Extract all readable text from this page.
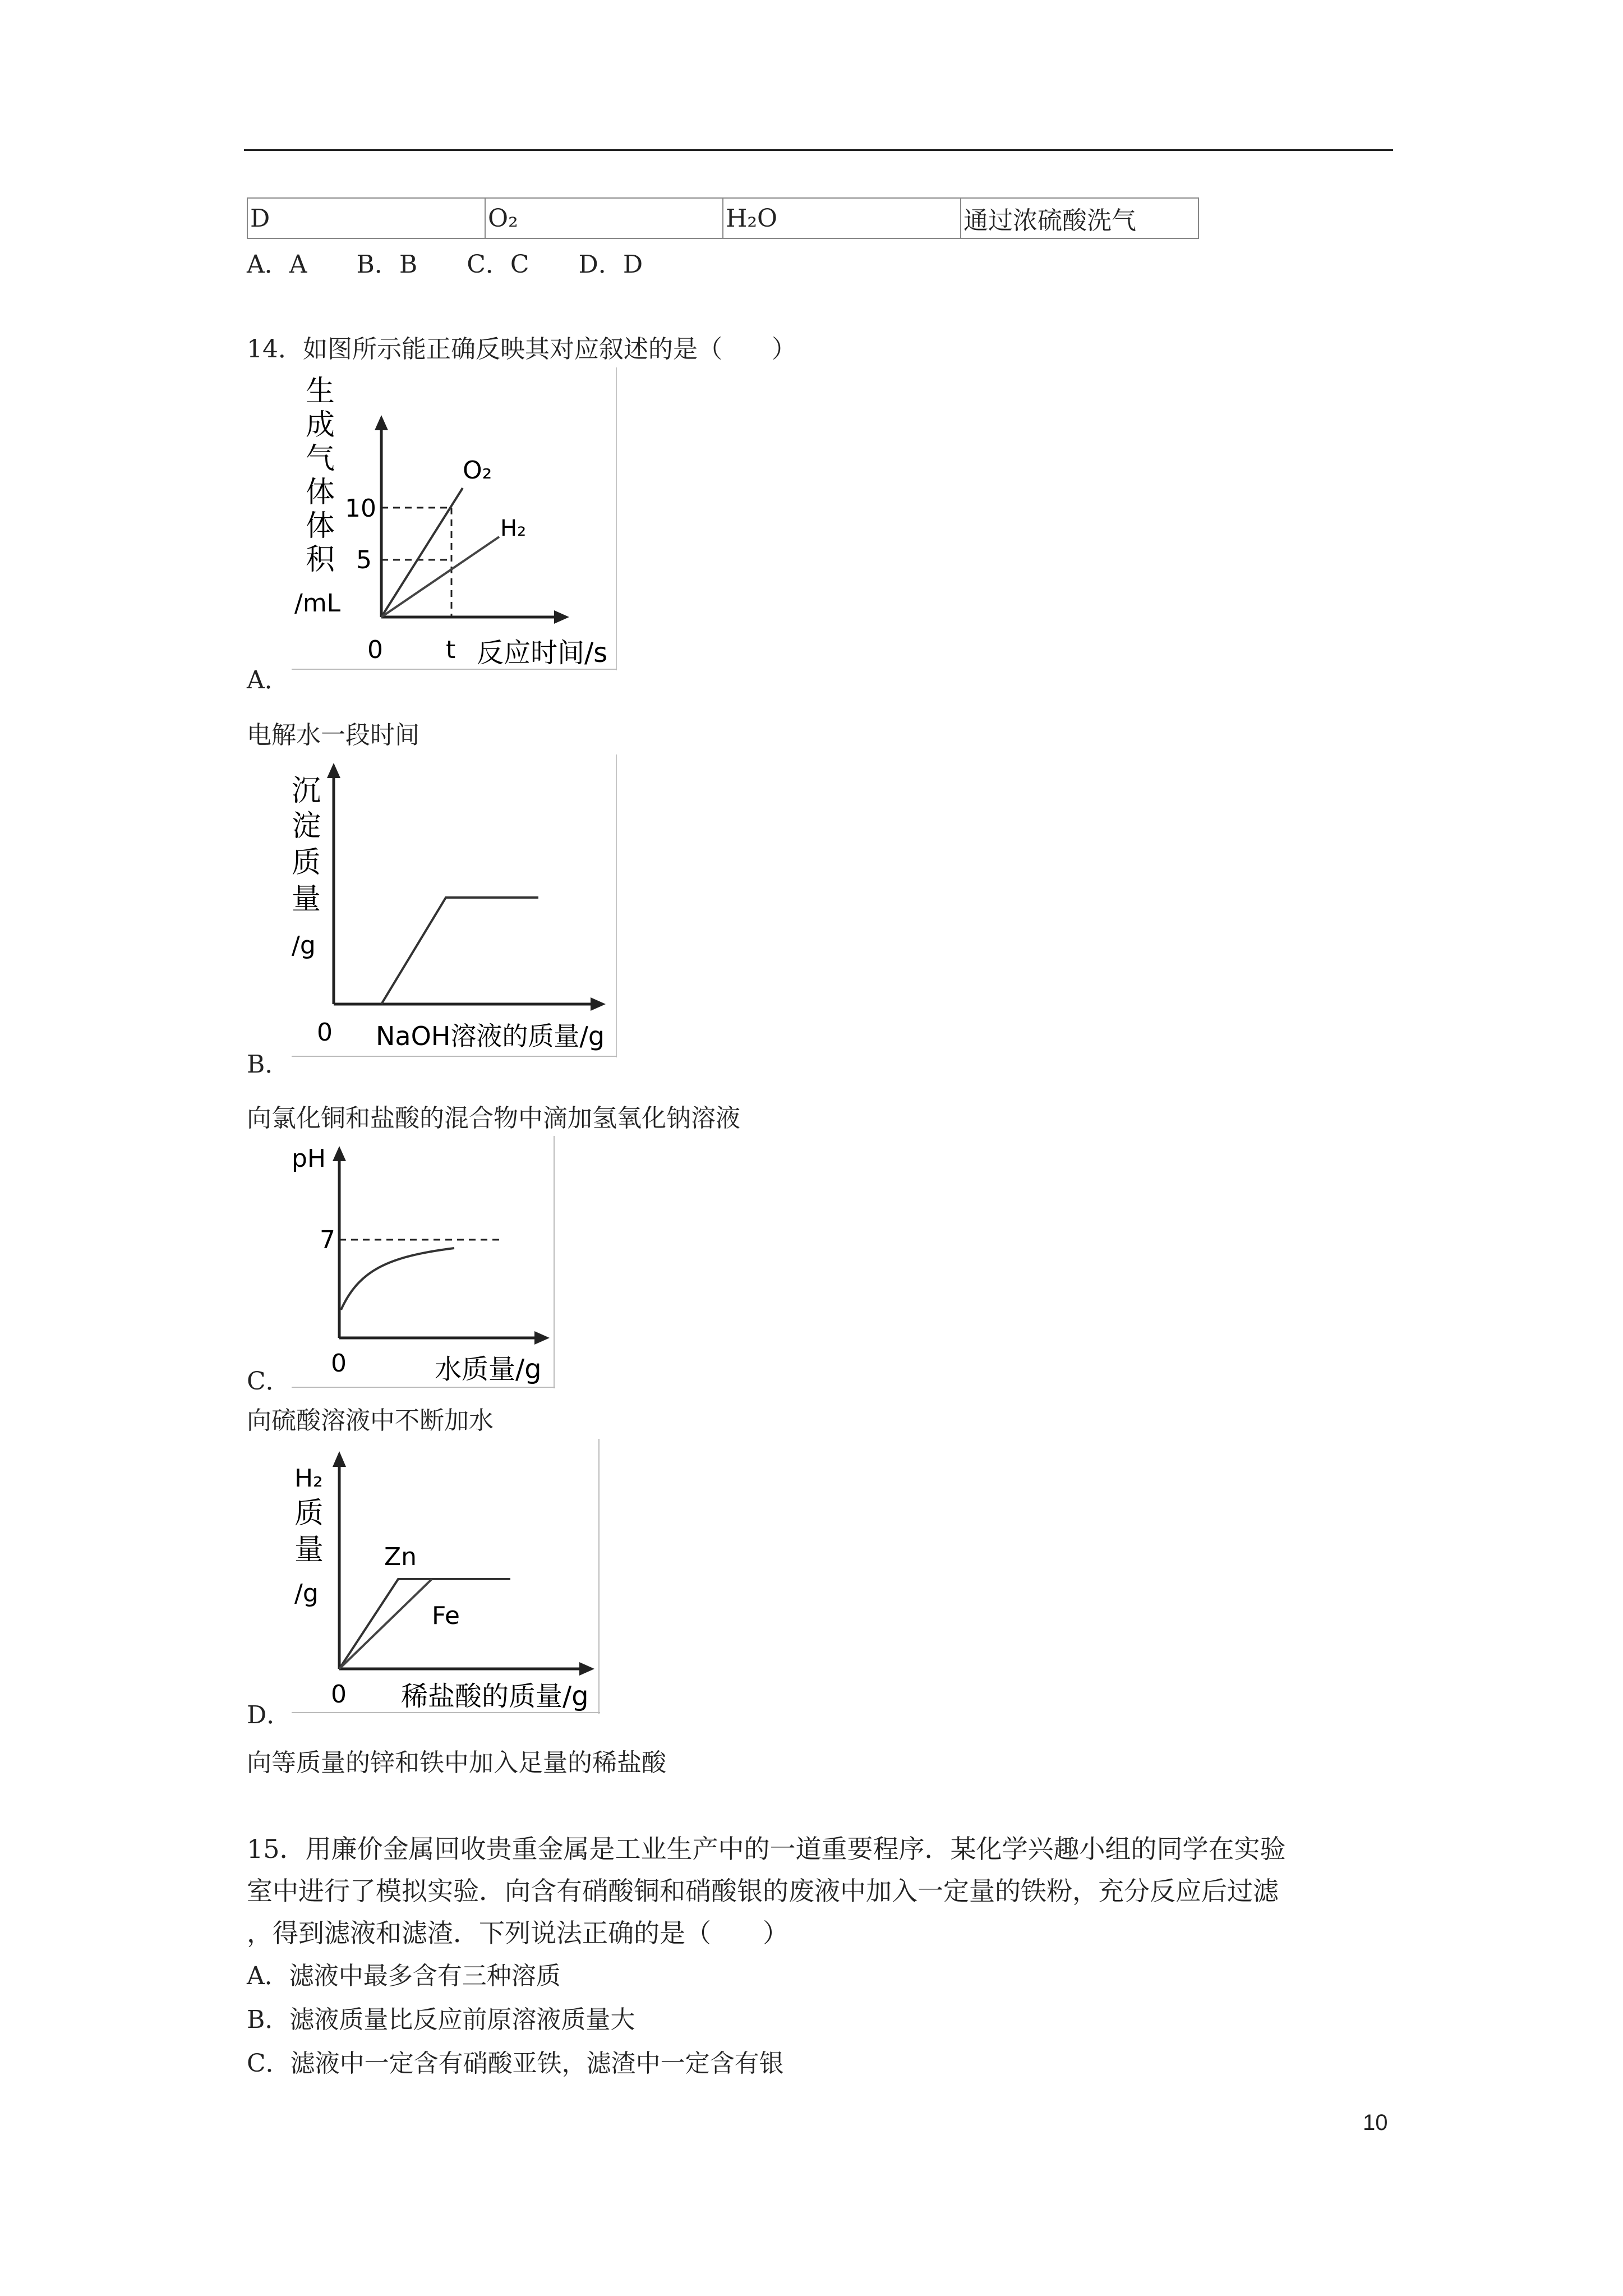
D	O₂	H₂O	通过浓硫酸洗气
A．A　　B．B　　C．C　　D．D
14．如图所示能正确反映其对应叙述的是（　　）
生
成
气
体
体
积
/mL
10
5
O₂
H₂
0	t 反应时间/s
A．
电解水一段时间
沉
淀
质
量
/g
0 NaOH溶液的质量/g
B．
向氯化铜和盐酸的混合物中滴加氢氧化钠溶液
pH
7
0	水质量/g
C．
向硫酸溶液中不断加水
H₂
质
量
/g
Zn
Fe
0 稀盐酸的质量/g
D．
向等质量的锌和铁中加入足量的稀盐酸
15．用廉价金属回收贵重金属是工业生产中的一道重要程序．某化学兴趣小组的同学在实验
室中进行了模拟实验．向含有硝酸铜和硝酸银的废液中加入一定量的铁粉，充分反应后过滤
，得到滤液和滤渣．下列说法正确的是（　　）
A．滤液中最多含有三种溶质
B．滤液质量比反应前原溶液质量大
C．滤液中一定含有硝酸亚铁，滤渣中一定含有银
10
